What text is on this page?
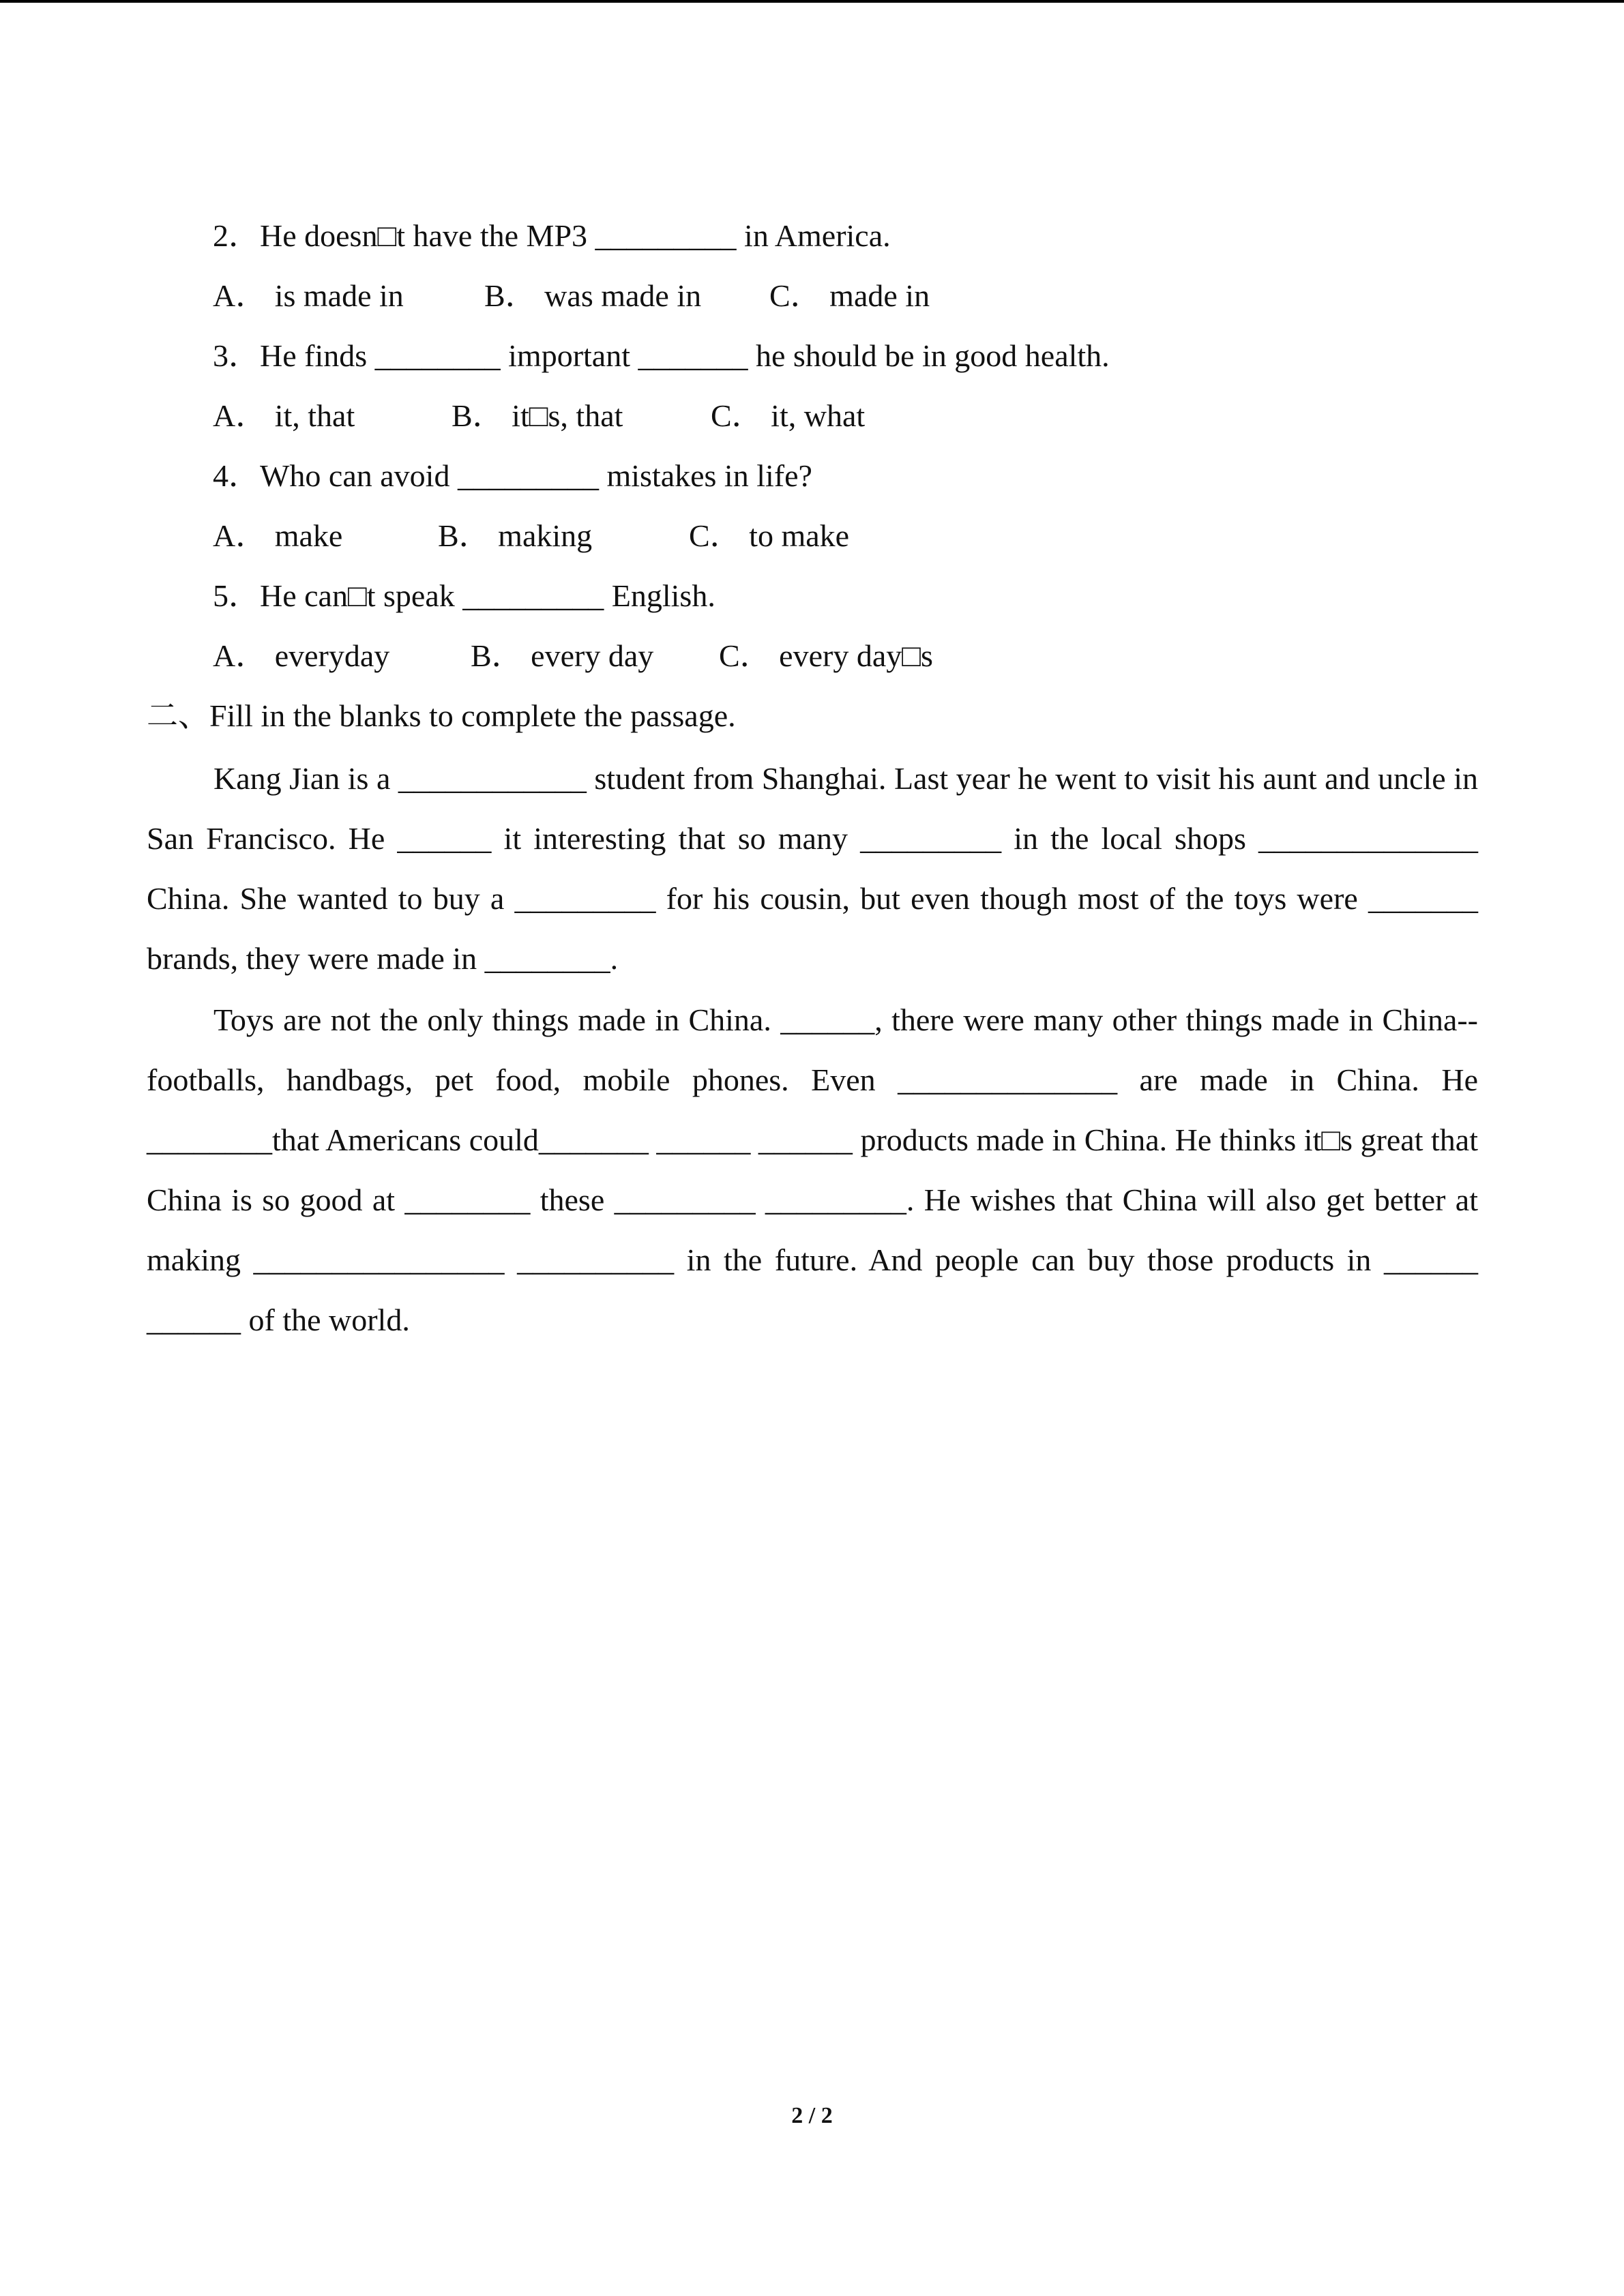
2．He doesn□t have the MP3 _________ in America.
A． is made in	B． was made in C． made in
3．He finds ________ important _______ he should be in good health.
A． it, that	B． it□s, that	C． it, what
4．Who can avoid _________ mistakes in life?
A． make	B． making	C． to make
5．He can□t speak _________ English.
A． everyday	B． every day C． every day□s
二、Fill in the blanks to complete the passage.
Kang Jian is a ____________ student from Shanghai. Last year he went to visit his aunt and uncle in San Francisco. He ______ it interesting that so many _________ in the local shops ______________ China. She wanted to buy a _________ for his cousin, but even though most of the toys were _______ brands, they were made in ________.
Toys are not the only things made in China. ______, there were many other things made in China--footballs, handbags, pet food, mobile phones. Even ______________ are made in China. He ________that Americans could_______ ______ ______ products made in China. He thinks it□s great that China is so good at ________ these _________ _________. He wishes that China will also get better at making ________________ __________ in the future. And people can buy those products in ______ ______ of the world.
2 / 2
